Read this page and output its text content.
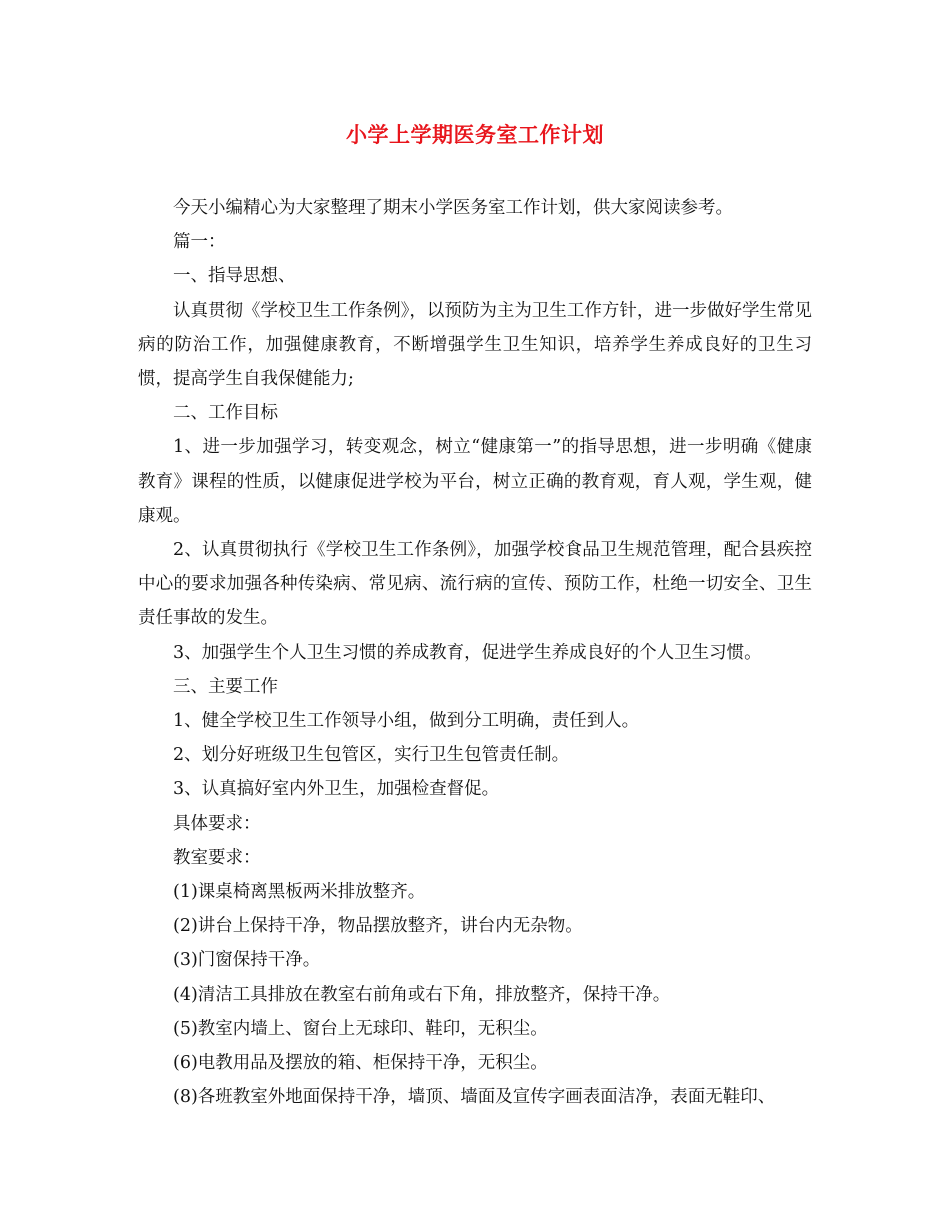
小学上学期医务室工作计划

今天小编精心为大家整理了期末小学医务室工作计划，供大家阅读参考。

篇一：

一、指导思想、

认真贯彻《学校卫生工作条例》，以预防为主为卫生工作方针，进一步做好学生常见病的防治工作，加强健康教育，不断增强学生卫生知识，培养学生养成良好的卫生习惯，提高学生自我保健能力;

二、工作目标

1、进一步加强学习，转变观念，树立“健康第一”的指导思想，进一步明确《健康教育》课程的性质，以健康促进学校为平台，树立正确的教育观，育人观，学生观，健康观。

2、认真贯彻执行《学校卫生工作条例》，加强学校食品卫生规范管理，配合县疾控中心的要求加强各种传染病、常见病、流行病的宣传、预防工作，杜绝一切安全、卫生责任事故的发生。

3、加强学生个人卫生习惯的养成教育，促进学生养成良好的个人卫生习惯。

三、主要工作

1、健全学校卫生工作领导小组，做到分工明确，责任到人。

2、划分好班级卫生包管区，实行卫生包管责任制。

3、认真搞好室内外卫生，加强检查督促。

具体要求：

教室要求：

(1)课桌椅离黑板两米排放整齐。

(2)讲台上保持干净，物品摆放整齐，讲台内无杂物。

(3)门窗保持干净。

(4)清洁工具排放在教室右前角或右下角，排放整齐，保持干净。

(5)教室内墙上、窗台上无球印、鞋印，无积尘。

(6)电教用品及摆放的箱、柜保持干净，无积尘。

(8)各班教室外地面保持干净，墙顶、墙面及宣传字画表面洁净，表面无鞋印、
